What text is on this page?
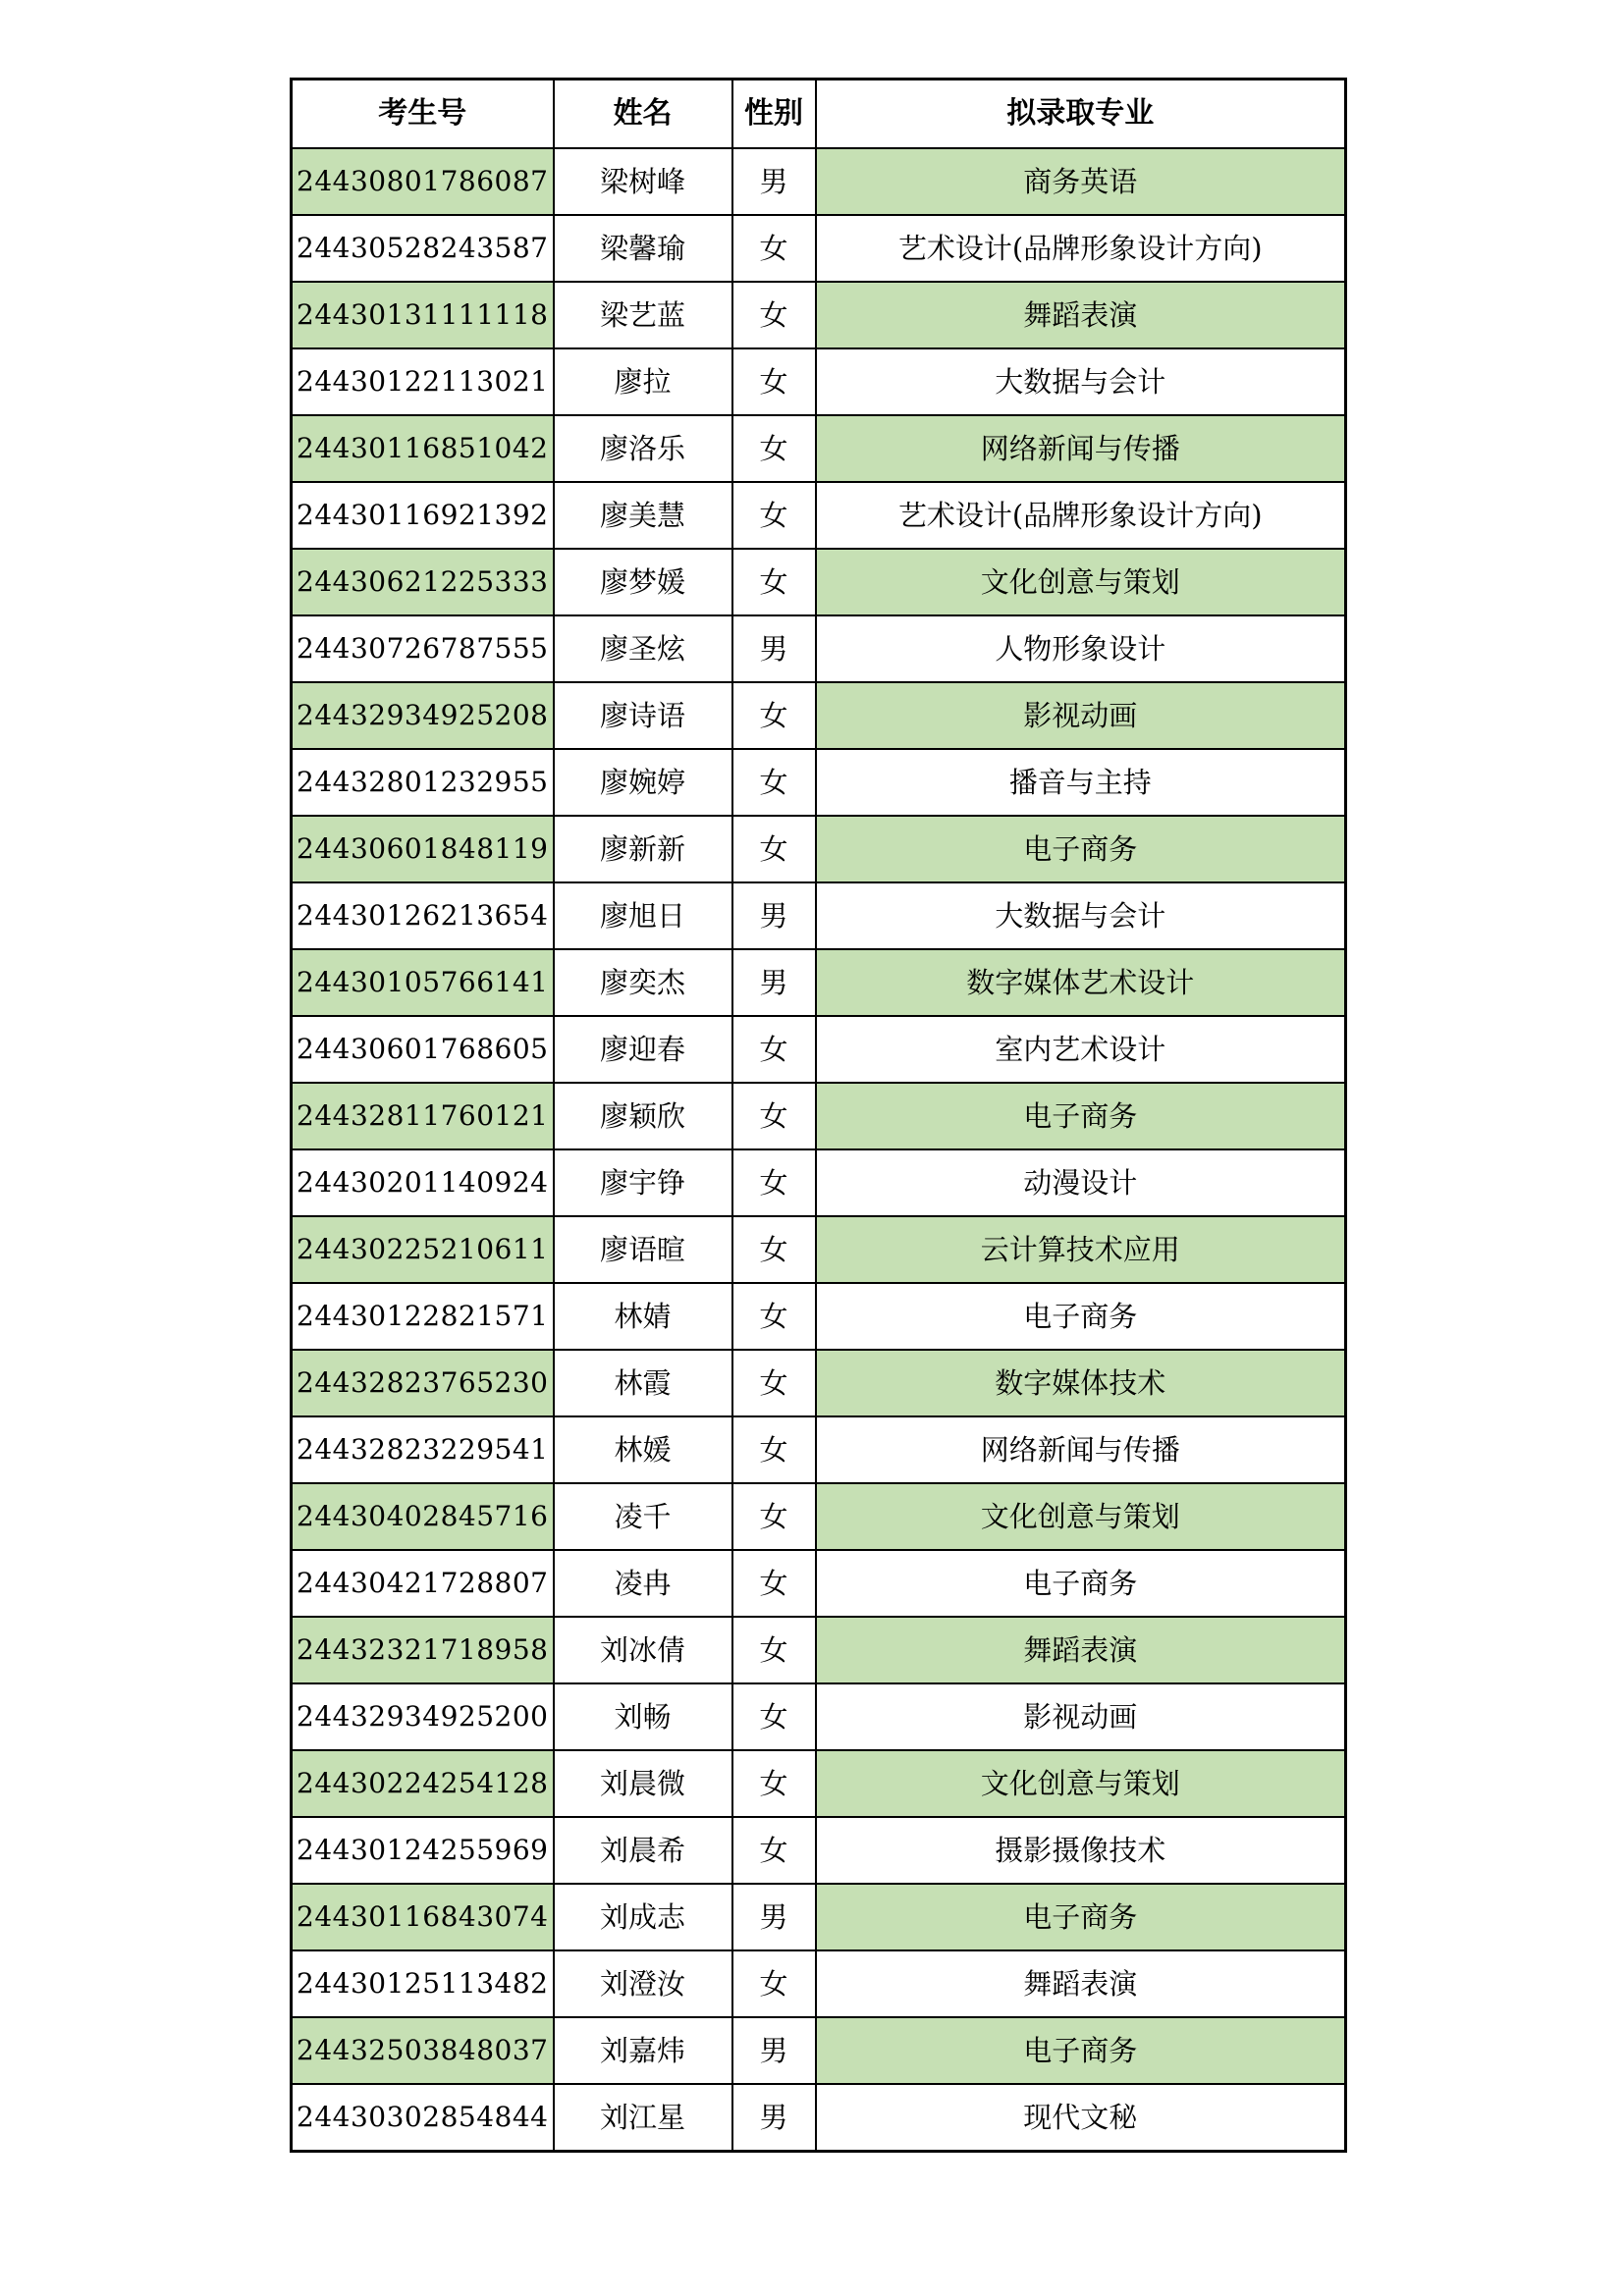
考生号	姓名	性别	拟录取专业
24430801786087	梁树峰	男	商务英语
24430528243587	梁馨瑜	女	艺术设计(品牌形象设计方向)
24430131111118	梁艺蓝	女	舞蹈表演
24430122113021	廖拉	女	大数据与会计
24430116851042	廖洛乐	女	网络新闻与传播
24430116921392	廖美慧	女	艺术设计(品牌形象设计方向)
24430621225333	廖梦媛	女	文化创意与策划
24430726787555	廖圣炫	男	人物形象设计
24432934925208	廖诗语	女	影视动画
24432801232955	廖婉婷	女	播音与主持
24430601848119	廖新新	女	电子商务
24430126213654	廖旭日	男	大数据与会计
24430105766141	廖奕杰	男	数字媒体艺术设计
24430601768605	廖迎春	女	室内艺术设计
24432811760121	廖颖欣	女	电子商务
24430201140924	廖宇铮	女	动漫设计
24430225210611	廖语暄	女	云计算技术应用
24430122821571	林婧	女	电子商务
24432823765230	林霞	女	数字媒体技术
24432823229541	林媛	女	网络新闻与传播
24430402845716	凌千	女	文化创意与策划
24430421728807	凌冉	女	电子商务
24432321718958	刘冰倩	女	舞蹈表演
24432934925200	刘畅	女	影视动画
24430224254128	刘晨微	女	文化创意与策划
24430124255969	刘晨希	女	摄影摄像技术
24430116843074	刘成志	男	电子商务
24430125113482	刘澄汝	女	舞蹈表演
24432503848037	刘嘉炜	男	电子商务
24430302854844	刘江星	男	现代文秘
